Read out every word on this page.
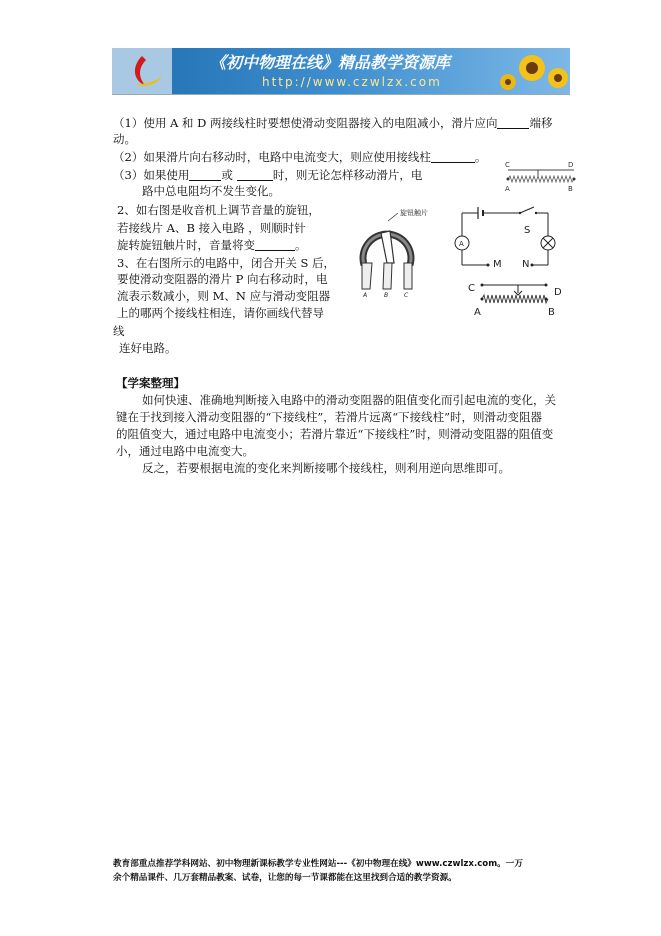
《初中物理在线》精品教学资源库
http://www.czwlzx.com
（1）使用 A 和 D 两接线柱时要想使滑动变阻器接入的电阻减小，滑片应向	端移
动。
（2）如果滑片向右移动时，电路中电流变大，则应使用接线柱	。
（3）如果使用	或	时，则无论怎样移动滑片，电
路中总电阻均不发生变化。
C	D
A	B
2、如右图是收音机上调节音量的旋钮，
若接线片 A、B 接入电路 ，则顺时针
旋转旋钮触片时，音量将变	。
3、在右图所示的电路中，闭合开关 S 后，
要使滑动变阻器的滑片 P 向右移动时，电
流表示数减小，则 M、N 应与滑动变阻器
上的哪两个接线柱相连，请你画线代替导
线
连好电路。
旋钮触片
A	B	C
S
A
M N
C	D
A	B
【学案整理】
如何快速、准确地判断接入电路中的滑动变阻器的阻值变化而引起电流的变化，关
键在于找到接入滑动变阻器的“下接线柱”，若滑片远离“下接线柱”时，则滑动变阻器
的阻值变大，通过电路中电流变小；若滑片靠近“下接线柱”时，则滑动变阻器的阻值变
小，通过电路中电流变大。
反之，若要根据电流的变化来判断接哪个接线柱，则利用逆向思维即可。
教育部重点推荐学科网站、初中物理新课标教学专业性网站---《初中物理在线》www.czwlzx.com。一万
余个精品课件、几万套精品教案、试卷，让您的每一节课都能在这里找到合适的教学资源。
